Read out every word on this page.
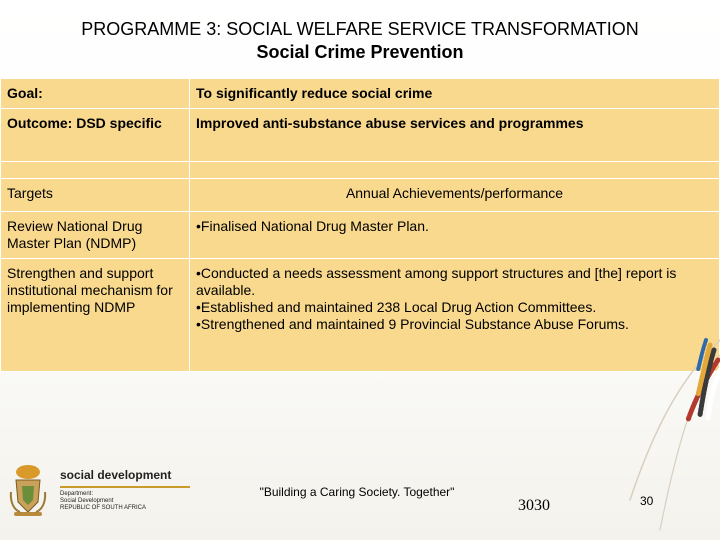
PROGRAMME 3: SOCIAL WELFARE SERVICE TRANSFORMATION
Social Crime Prevention
Goal:	To significantly reduce social crime
Outcome: DSD specific	Improved anti-substance abuse services and programmes

Targets	Annual Achievements/performance
Review National Drug Master Plan (NDMP)	•Finalised National Drug Master Plan.

Strengthen and support institutional mechanism for implementing NDMP	•Conducted a needs assessment among support structures and [the] report is available.
•Established and maintained 238 Local Drug Action Committees.
•Strengthened and maintained 9 Provincial Substance Abuse Forums.
social development
Department:
Social Development
REPUBLIC OF SOUTH AFRICA
"Building a Caring Society. Together"
3030	30
